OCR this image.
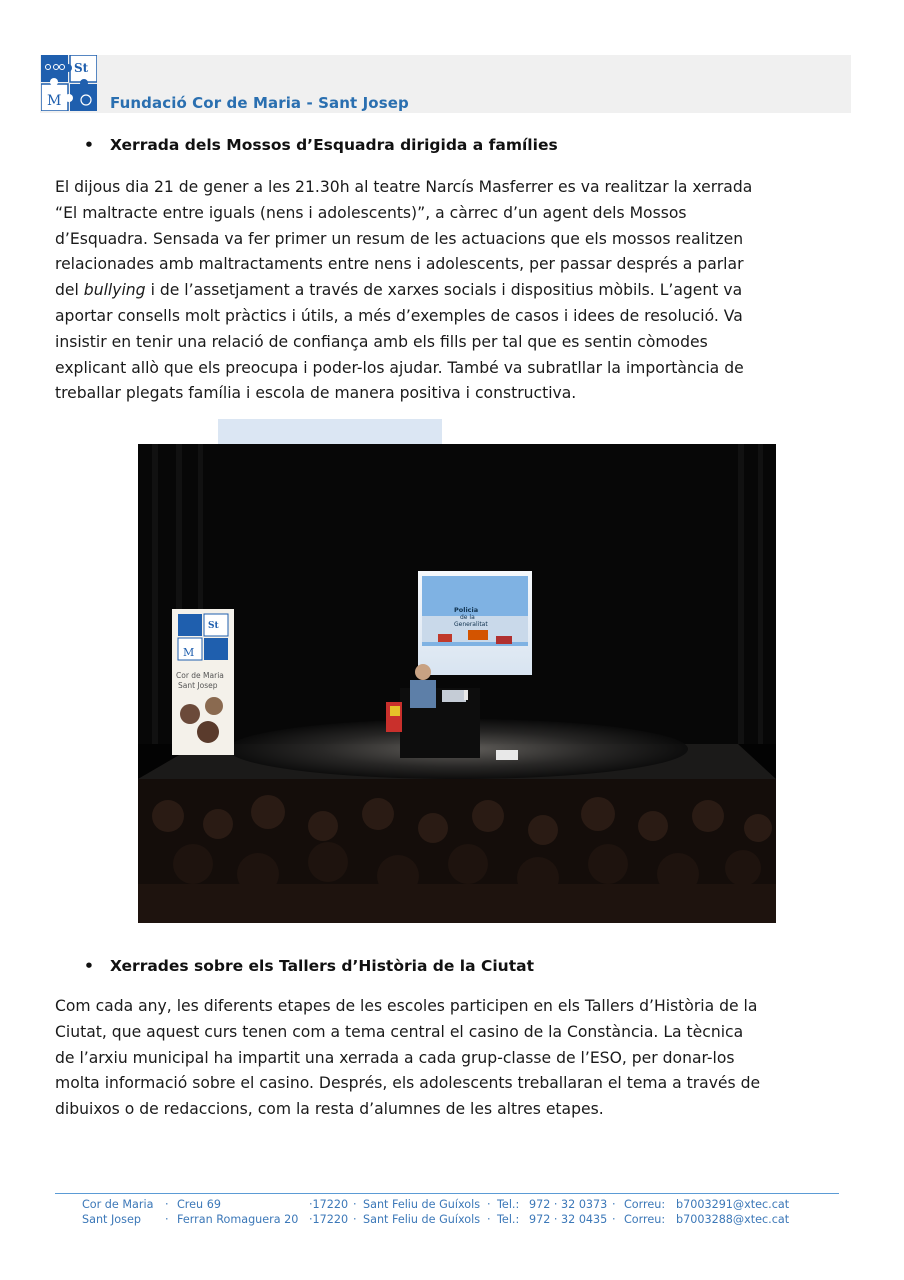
St
M	Fundació Cor de Maria - Sant Josep
• Xerrada dels Mossos d’Esquadra dirigida a famílies
El dijous dia 21 de gener a les 21.30h al teatre Narcís Masferrer es va realitzar la xerrada
“El maltracte entre iguals (nens i adolescents)”, a càrrec d’un agent dels Mossos
d’Esquadra. Sensada va fer primer un resum de les actuacions que els mossos realitzen
relacionades amb maltractaments entre nens i adolescents, per passar després a parlar
del bullying i de l’assetjament a través de xarxes socials i dispositius mòbils. L’agent va
aportar consells molt pràctics i útils, a més d’exemples de casos i idees de resolució. Va
insistir en tenir una relació de confiança amb els fills per tal que es sentin còmodes
explicant allò que els preocupa i poder-los ajudar. També va subratllar la importància de
treballar plegats família i escola de manera positiva i constructiva.
Policia
de la
Generalitat
St
M
Cor de Maria
Sant Josep
• Xerrades sobre els Tallers d’Història de la Ciutat
Com cada any, les diferents etapes de les escoles participen en els Tallers d’Història de la
Ciutat, que aquest curs tenen com a tema central el casino de la Constància. La tècnica
de l’arxiu municipal ha impartit una xerrada a cada grup-classe de l’ESO, per donar-los
molta informació sobre el casino. Després, els adolescents treballaran el tema a través de
dibuixos o de redaccions, com la resta d’alumnes de les altres etapes.
Cor de Maria · Creu 69	·17220 · Sant Feliu de Guíxols · Tel.: 972 · 32 0373 · Correu: b7003291@xtec.cat
Sant Josep · Ferran Romaguera 20 ·17220 · Sant Feliu de Guíxols · Tel.: 972 · 32 0435 · Correu: b7003288@xtec.cat
